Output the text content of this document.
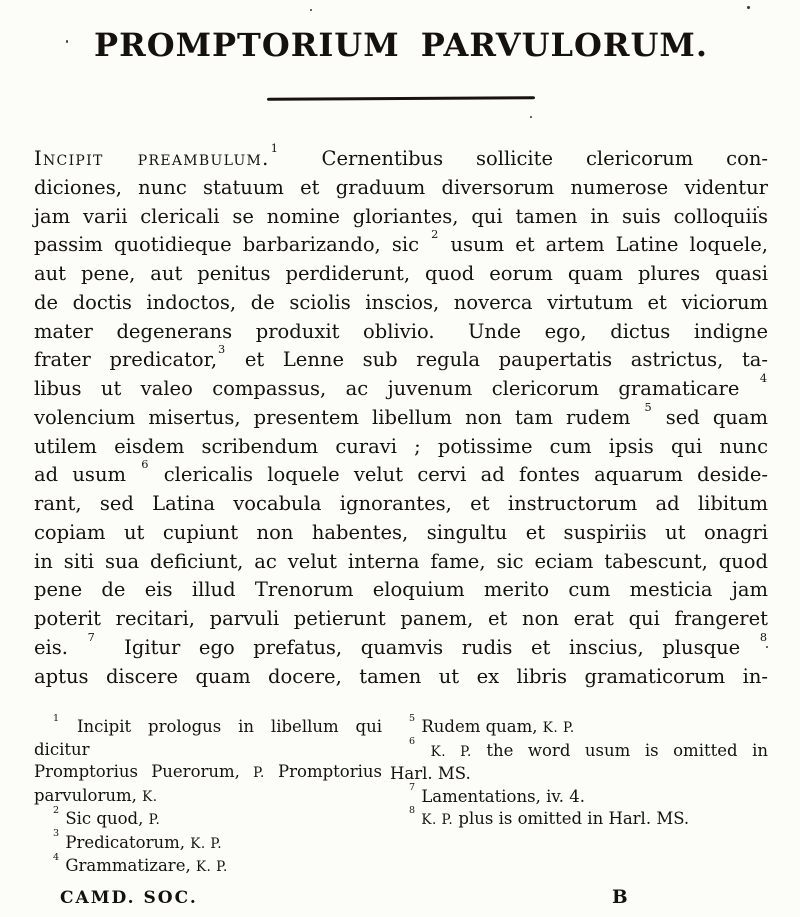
PROMPTORIUM PARVULORUM.
Incipit preambulum.$^1$  Cernentibus sollicite clericorum con-
diciones, nunc statuum et graduum diversorum numerose videntur
jam varii clericali se nomine gloriantes, qui tamen in suis colloquiis
passim quotidieque barbarizando, sic $^2$ usum et artem Latine loquele,
aut pene, aut penitus perdiderunt, quod eorum quam plures quasi
de doctis indoctos, de sciolis inscios, noverca virtutum et viciorum
mater degenerans produxit oblivio.  Unde ego, dictus indigne
frater predicator,$^3$ et Lenne sub regula paupertatis astrictus, ta-
libus ut valeo compassus, ac juvenum clericorum gramaticare $^4$
volencium misertus, presentem libellum non tam rudem $^5$ sed quam
utilem eisdem scribendum curavi ; potissime cum ipsis qui nunc
ad usum $^6$ clericalis loquele velut cervi ad fontes aquarum deside-
rant, sed Latina vocabula ignorantes, et instructorum ad libitum
copiam ut cupiunt non habentes, singultu et suspiriis ut onagri
in siti sua deficiunt, ac velut interna fame, sic eciam tabescunt, quod
pene de eis illud Trenorum eloquium merito cum mesticia jam
poterit recitari, parvuli petierunt panem, et non erat qui frangeret
eis. $^7$  Igitur ego prefatus, quamvis rudis et inscius, plusque $^8$
aptus discere quam docere, tamen ut ex libris gramaticorum in-
$^1$ Incipit prologus in libellum qui dicitur
Promptorius Puerorum, P. Promptorius
parvulorum, K.
$^2$ Sic quod, P.
$^3$ Predicatorum, K. P.
$^4$ Grammatizare, K. P.
$^5$ Rudem quam, K. P.
$^6$ K. P. the word usum is omitted in
Harl. MS.
$^7$ Lamentations, iv. 4.
$^8$ K. P. plus is omitted in Harl. MS.
CAMD. SOC.	B
